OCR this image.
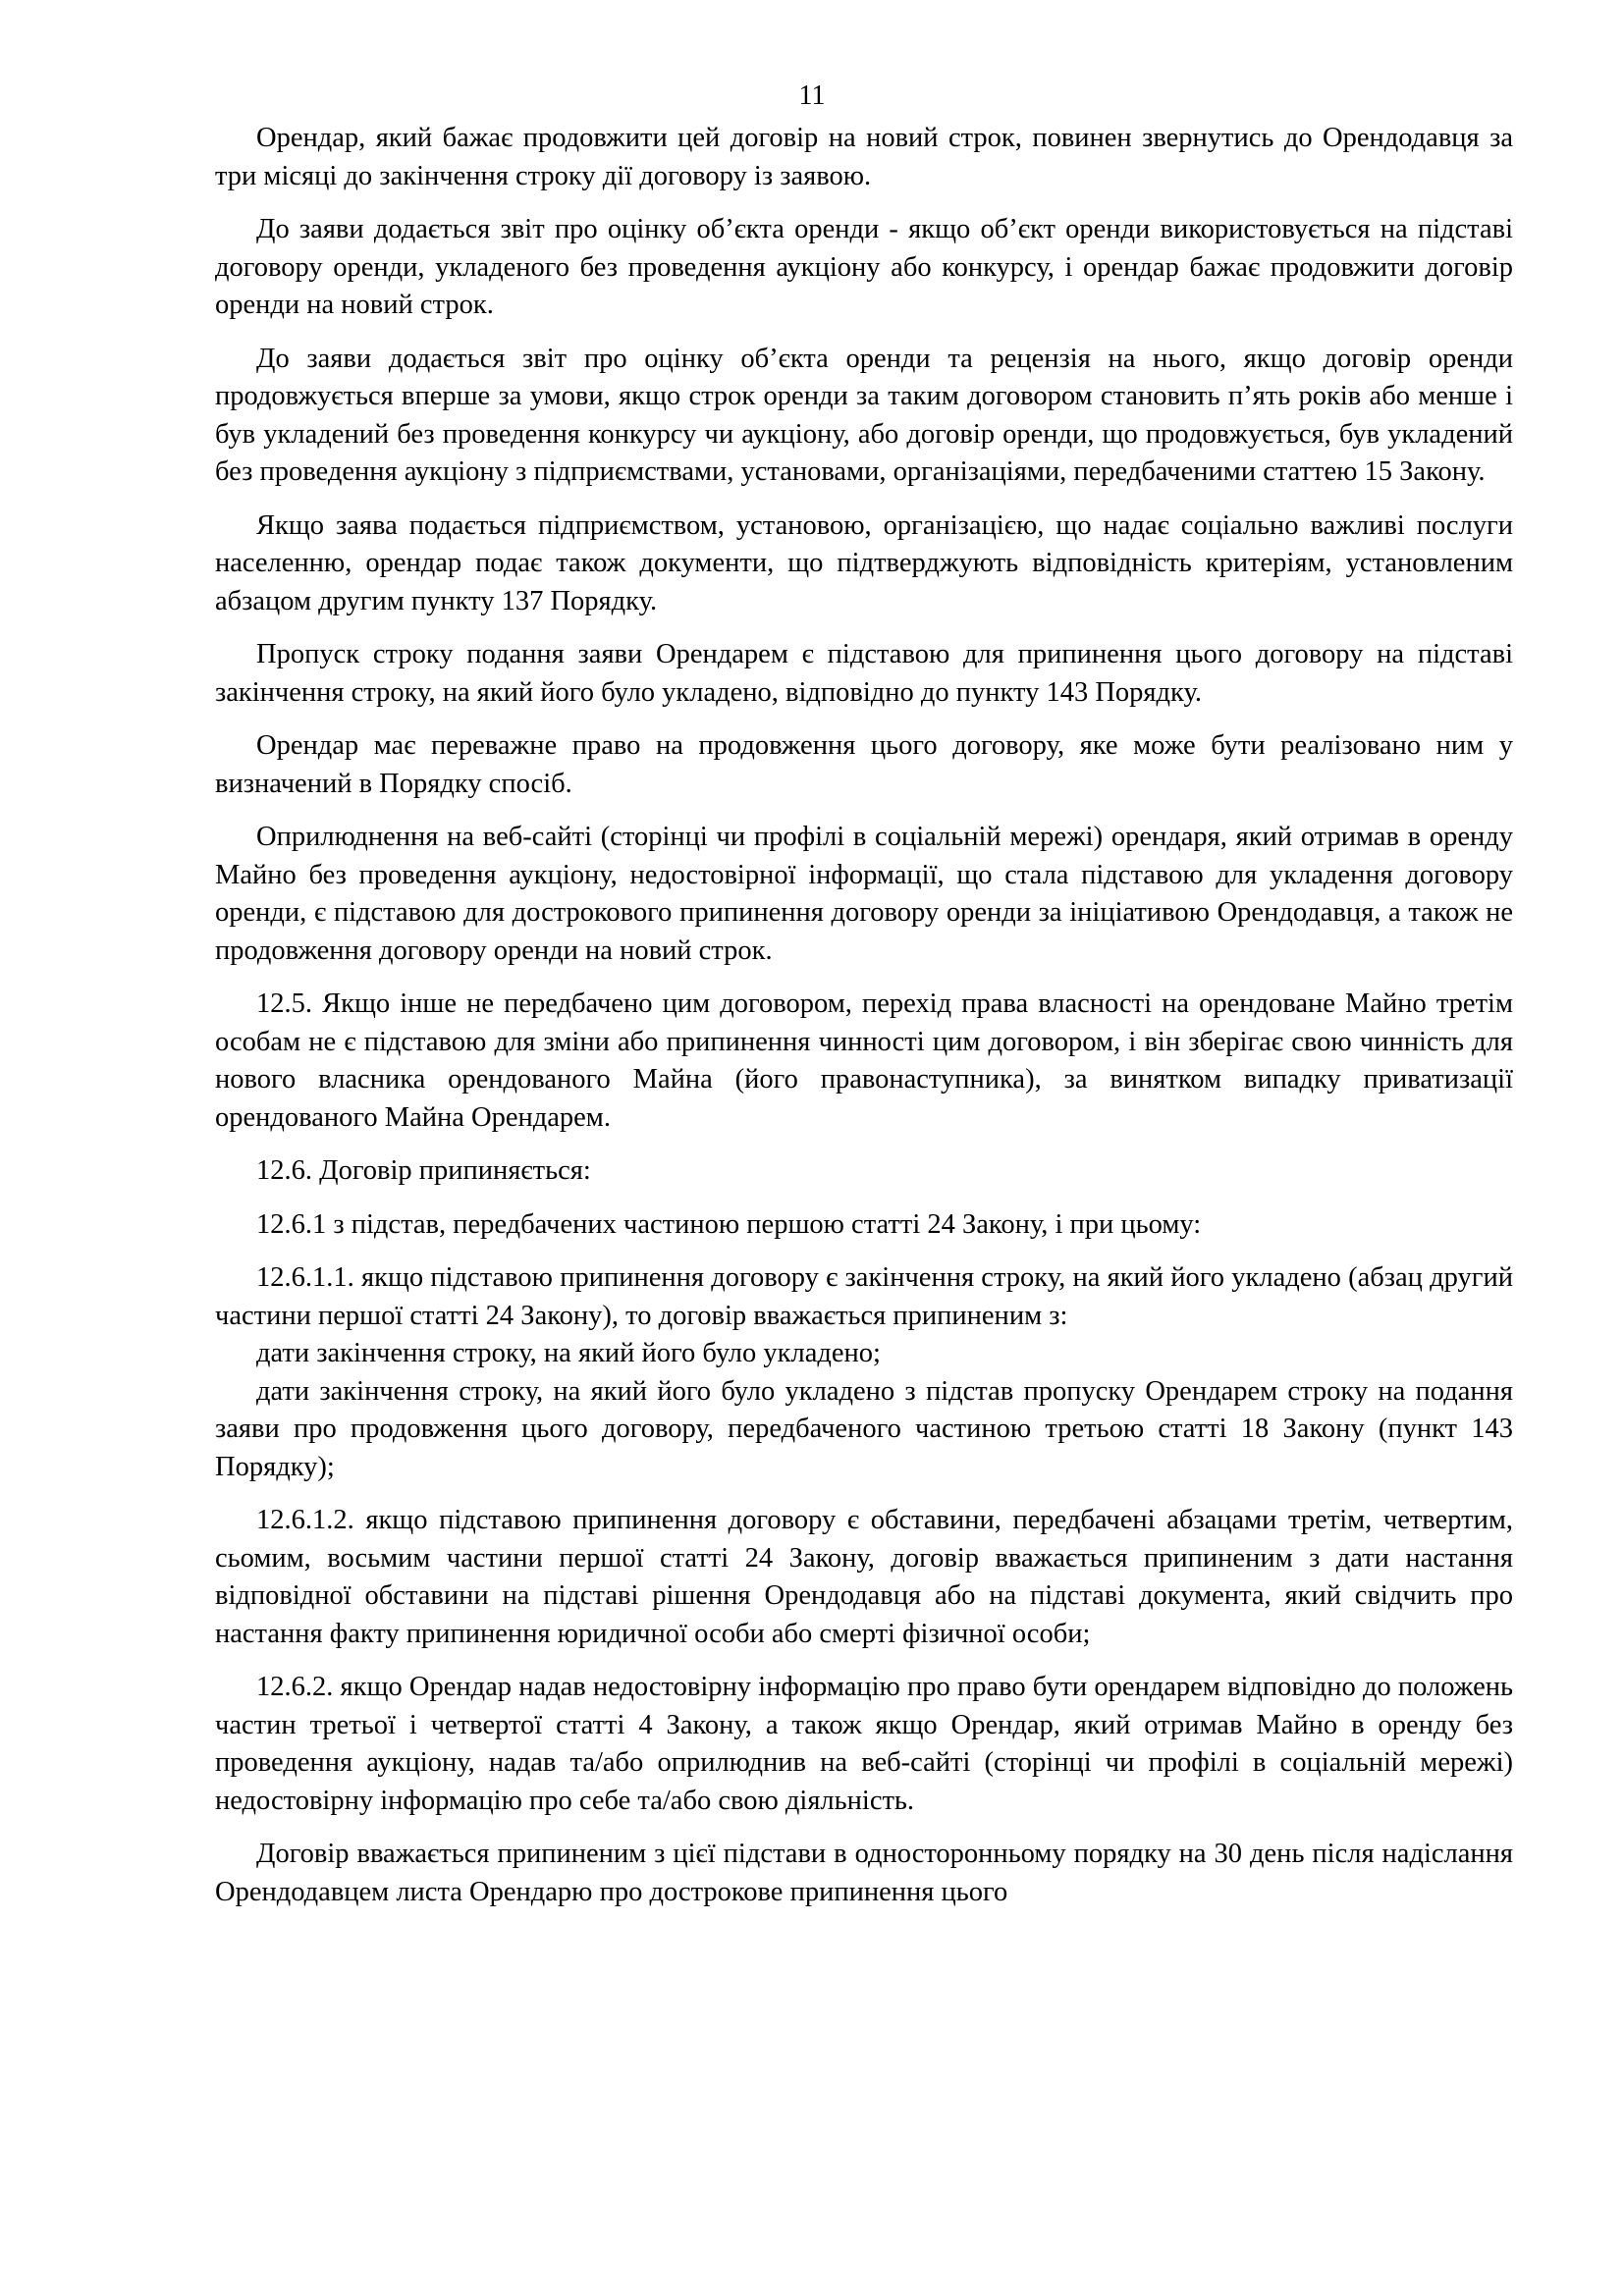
11

Орендар, який бажає продовжити цей договір на новий строк, повинен звернутись до Орендодавця за три місяці до закінчення строку дії договору із заявою.

До заяви додається звіт про оцінку об’єкта оренди - якщо об’єкт оренди використовується на підставі договору оренди, укладеного без проведення аукціону або конкурсу, і орендар бажає продовжити договір оренди на новий строк.

До заяви додається звіт про оцінку об’єкта оренди та рецензія на нього, якщо договір оренди продовжується вперше за умови, якщо строк оренди за таким договором становить п’ять років або менше і був укладений без проведення конкурсу чи аукціону, або договір оренди, що продовжується, був укладений без проведення аукціону з підприємствами, установами, організаціями, передбаченими статтею 15 Закону.

Якщо заява подається підприємством, установою, організацією, що надає соціально важливі послуги населенню, орендар подає також документи, що підтверджують відповідність критеріям, установленим абзацом другим пункту 137 Порядку.

Пропуск строку подання заяви Орендарем є підставою для припинення цього договору на підставі закінчення строку, на який його було укладено, відповідно до пункту 143 Порядку.

Орендар має переважне право на продовження цього договору, яке може бути реалізовано ним у визначений в Порядку спосіб.

Оприлюднення на веб-сайті (сторінці чи профілі в соціальній мережі) орендаря, який отримав в оренду Майно без проведення аукціону, недостовірної інформації, що стала підставою для укладення договору оренди, є підставою для дострокового припинення договору оренди за ініціативою Орендодавця, а також не продовження договору оренди на новий строк.

12.5. Якщо інше не передбачено цим договором, перехід права власності на орендоване Майно третім особам не є підставою для зміни або припинення чинності цим договором, і він зберігає свою чинність для нового власника орендованого Майна (його правонаступника), за винятком випадку приватизації орендованого Майна Орендарем.

12.6. Договір припиняється:

12.6.1 з підстав, передбачених частиною першою статті 24 Закону, і при цьому:

12.6.1.1. якщо підставою припинення договору є закінчення строку, на який його укладено (абзац другий частини першої статті 24 Закону), то договір вважається припиненим з:

дати закінчення строку, на який його було укладено;

дати закінчення строку, на який його було укладено з підстав пропуску Орендарем строку на подання заяви про продовження цього договору, передбаченого частиною третьою статті 18 Закону (пункт 143 Порядку);

12.6.1.2. якщо підставою припинення договору є обставини, передбачені абзацами третім, четвертим, сьомим, восьмим частини першої статті 24 Закону, договір вважається припиненим з дати настання відповідної обставини на підставі рішення Орендодавця або на підставі документа, який свідчить про настання факту припинення юридичної особи або смерті фізичної особи;

12.6.2. якщо Орендар надав недостовірну інформацію про право бути орендарем відповідно до положень частин третьої і четвертої статті 4 Закону, а також якщо Орендар, який отримав Майно в оренду без проведення аукціону, надав та/або оприлюднив на веб-сайті (сторінці чи профілі в соціальній мережі) недостовірну інформацію про себе та/або свою діяльність.

Договір вважається припиненим з цієї підстави в односторонньому порядку на 30 день після надіслання Орендодавцем листа Орендарю про дострокове припинення цього
